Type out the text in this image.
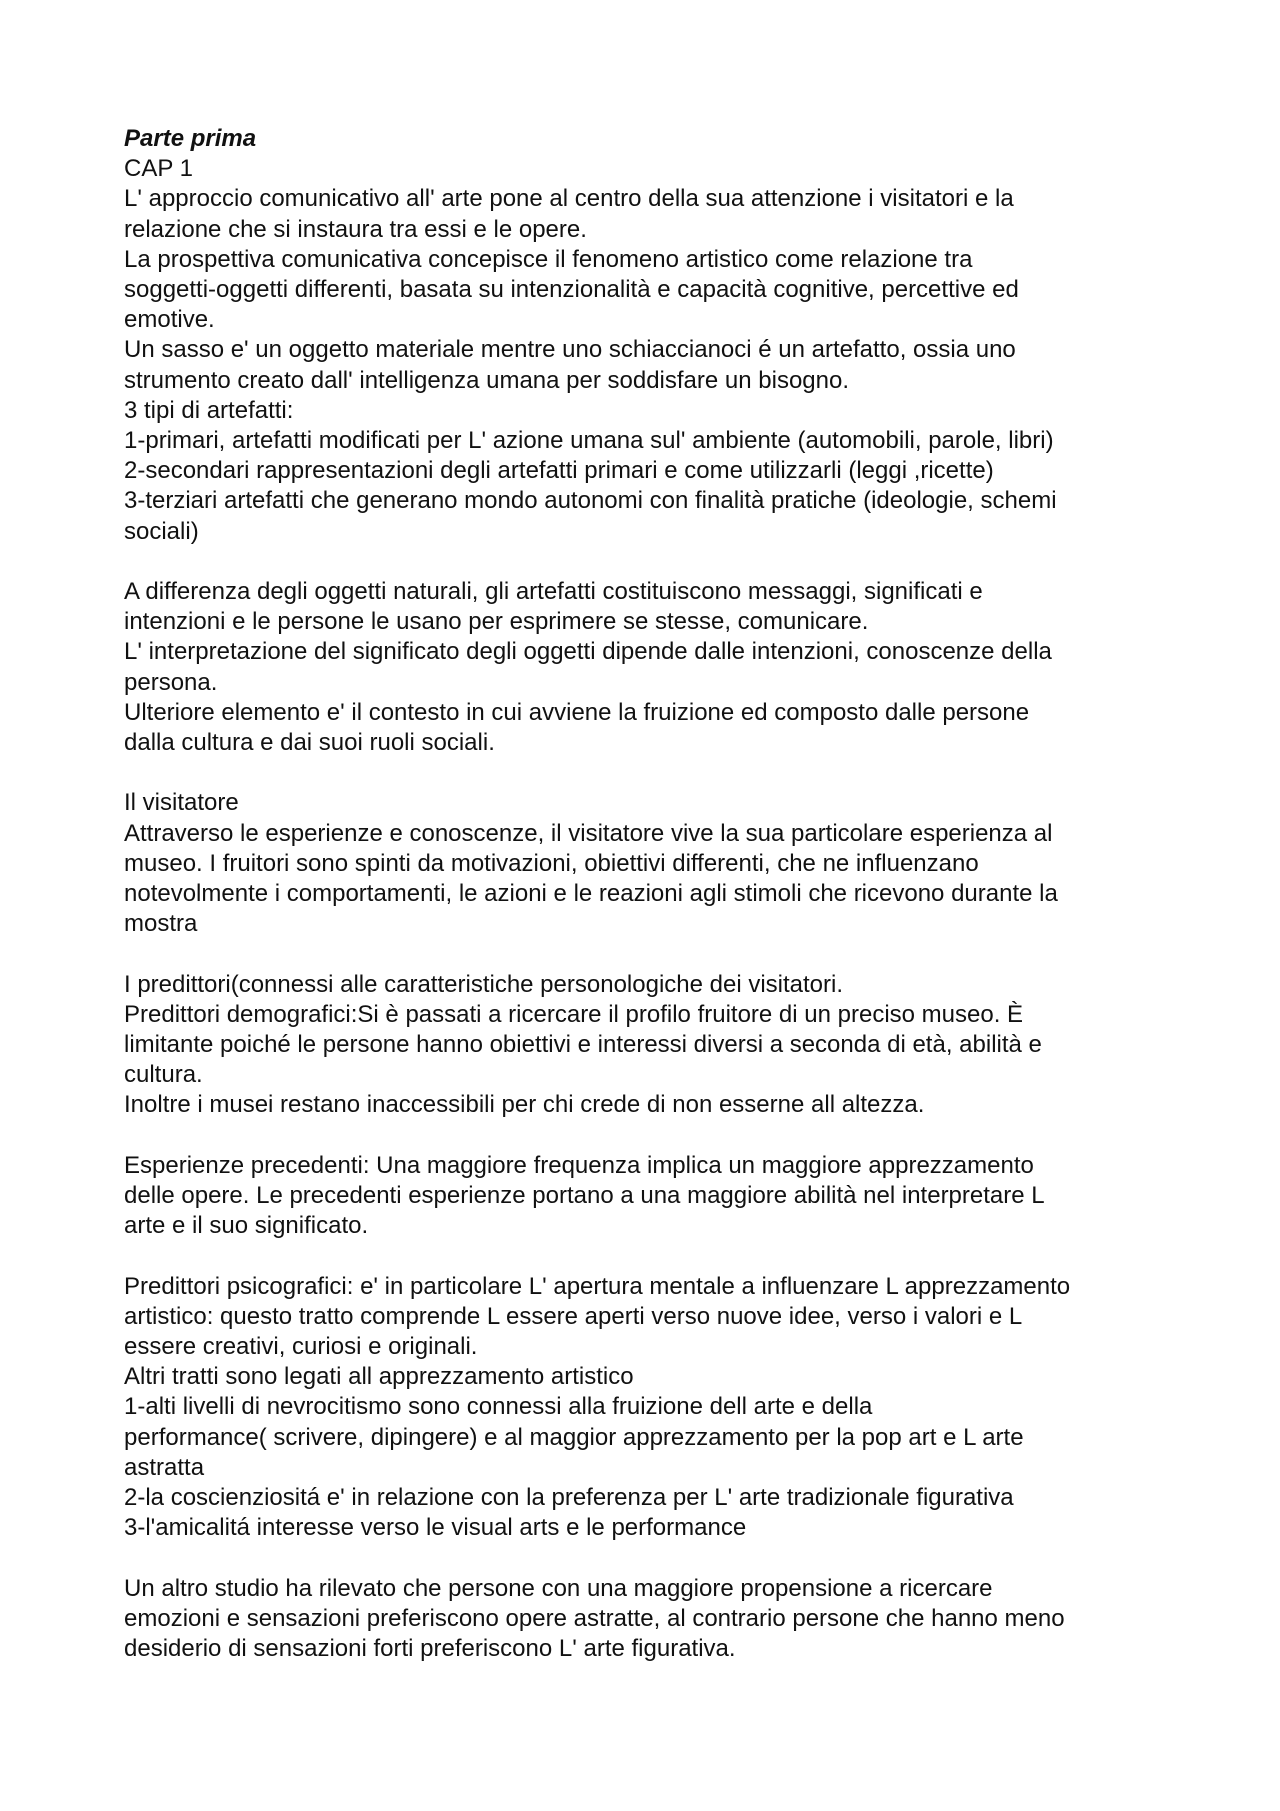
Parte prima
CAP 1
L' approccio comunicativo all' arte pone al centro della sua attenzione i visitatori e la
relazione che si instaura tra essi e le opere.
La prospettiva comunicativa concepisce il fenomeno artistico come relazione tra
soggetti-oggetti differenti, basata su intenzionalità e capacità cognitive, percettive ed
emotive.
Un sasso e' un oggetto materiale mentre uno schiaccianoci é un artefatto, ossia uno
strumento creato dall' intelligenza umana per soddisfare un bisogno.
3 tipi di artefatti:
1-primari, artefatti modificati per L' azione umana sul' ambiente (automobili, parole, libri)
2-secondari rappresentazioni degli artefatti primari e come utilizzarli (leggi ,ricette)
3-terziari artefatti che generano mondo autonomi con finalità pratiche (ideologie, schemi
sociali)
A differenza degli oggetti naturali, gli artefatti costituiscono messaggi, significati e
intenzioni e le persone le usano per esprimere se stesse, comunicare.
L' interpretazione del significato degli oggetti dipende dalle intenzioni, conoscenze della
persona.
Ulteriore elemento e' il contesto in cui avviene la fruizione ed composto dalle persone
dalla cultura e dai suoi ruoli sociali.
Il visitatore
Attraverso le esperienze e conoscenze, il visitatore vive la sua particolare esperienza al
museo. I fruitori sono spinti da motivazioni, obiettivi differenti, che ne influenzano
notevolmente i comportamenti, le azioni e le reazioni agli stimoli che ricevono durante la
mostra
I predittori(connessi alle caratteristiche personologiche dei visitatori.
Predittori demografici:Si è passati a ricercare il profilo fruitore di un preciso museo. È
limitante poiché le persone hanno obiettivi e interessi diversi a seconda di età, abilità e
cultura.
Inoltre i musei restano inaccessibili per chi crede di non esserne all altezza.
Esperienze precedenti: Una maggiore frequenza implica un maggiore apprezzamento
delle opere. Le precedenti esperienze portano a una maggiore abilità nel interpretare L
arte e il suo significato.
Predittori psicografici: e' in particolare L' apertura mentale a influenzare L apprezzamento
artistico: questo tratto comprende L essere aperti verso nuove idee, verso i valori e L
essere creativi, curiosi e originali.
Altri tratti sono legati all apprezzamento artistico
1-alti livelli di nevrocitismo sono connessi alla fruizione dell arte e della
performance( scrivere, dipingere) e al maggior apprezzamento per la pop art e L arte
astratta
2-la coscienziositá e' in relazione con la preferenza per L' arte tradizionale figurativa
3-l'amicalitá interesse verso le visual arts e le performance
Un altro studio ha rilevato che persone con una maggiore propensione a ricercare
emozioni e sensazioni preferiscono opere astratte, al contrario persone che hanno meno
desiderio di sensazioni forti preferiscono L' arte figurativa.
